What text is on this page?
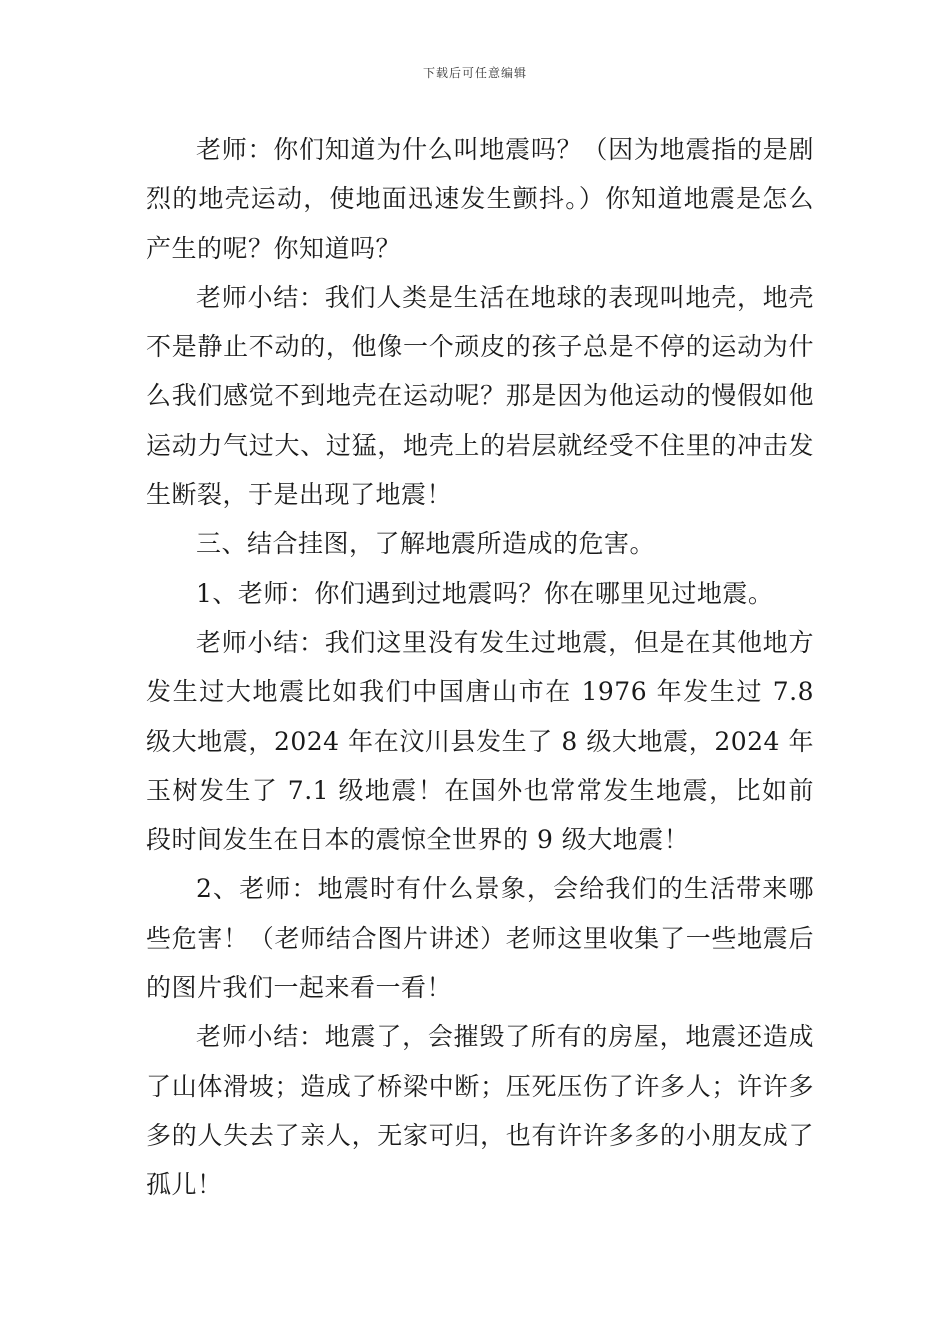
下载后可任意编辑

老师：你们知道为什么叫地震吗？（因为地震指的是剧烈的地壳运动，使地面迅速发生颤抖。）你知道地震是怎么产生的呢？你知道吗？

老师小结：我们人类是生活在地球的表现叫地壳，地壳不是静止不动的，他像一个顽皮的孩子总是不停的运动为什么我们感觉不到地壳在运动呢？那是因为他运动的慢假如他运动力气过大、过猛，地壳上的岩层就经受不住里的冲击发生断裂，于是出现了地震！

三、结合挂图，了解地震所造成的危害。

1、老师：你们遇到过地震吗？你在哪里见过地震。

老师小结：我们这里没有发生过地震，但是在其他地方发生过大地震比如我们中国唐山市在 1976 年发生过 7.8 级大地震，2024 年在汶川县发生了 8 级大地震，2024 年玉树发生了 7.1 级地震！在国外也常常发生地震，比如前段时间发生在日本的震惊全世界的 9 级大地震！

2、老师：地震时有什么景象，会给我们的生活带来哪些危害！（老师结合图片讲述）老师这里收集了一些地震后的图片我们一起来看一看！

老师小结：地震了，会摧毁了所有的房屋，地震还造成了山体滑坡；造成了桥梁中断；压死压伤了许多人；许许多多的人失去了亲人，无家可归，也有许许多多的小朋友成了孤儿！
